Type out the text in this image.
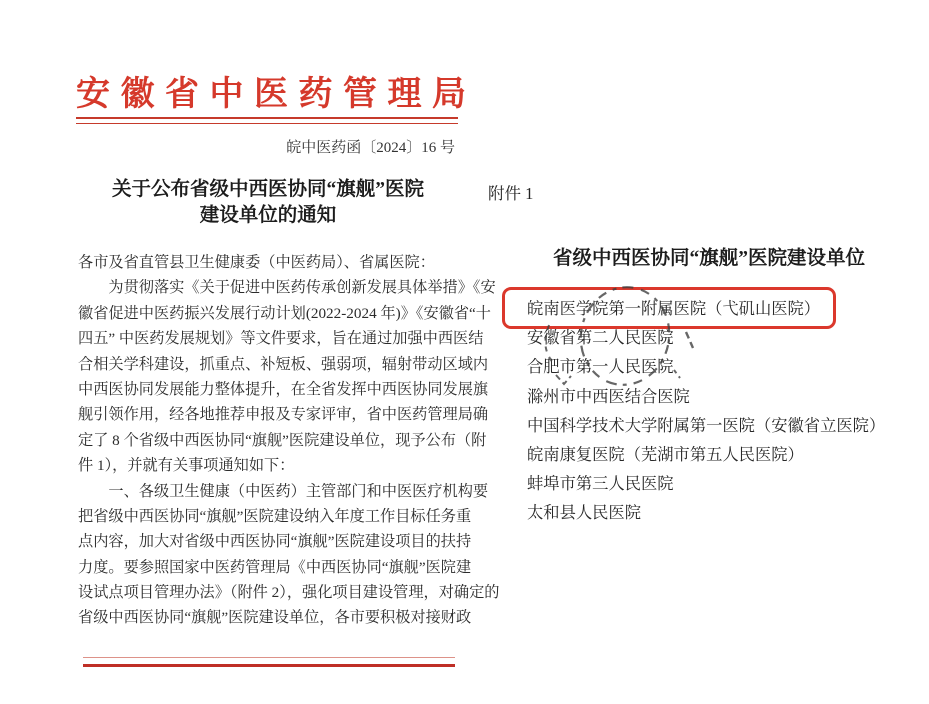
安 徽 省 中 医 药 管 理 局
皖中医药函〔2024〕16 号
关于公布省级中西医协同“旗舰”医院
建设单位的通知
各市及省直管县卫生健康委（中医药局）、省属医院：
　　为贯彻落实《关于促进中医药传承创新发展具体举措》《安
徽省促进中医药振兴发展行动计划(2022-2024 年)》《安徽省“十
四五” 中医药发展规划》等文件要求，旨在通过加强中西医结
合相关学科建设，抓重点、补短板、强弱项，辐射带动区域内
中西医协同发展能力整体提升，在全省发挥中西医协同发展旗
舰引领作用，经各地推荐申报及专家评审，省中医药管理局确
定了 8 个省级中西医协同“旗舰”医院建设单位，现予公布（附
件 1），并就有关事项通知如下：
　　一、各级卫生健康（中医药）主管部门和中医医疗机构要
把省级中西医协同“旗舰”医院建设纳入年度工作目标任务重
点内容，加大对省级中西医协同“旗舰”医院建设项目的扶持
力度。要参照国家中医药管理局《中西医协同“旗舰”医院建
设试点项目管理办法》（附件 2），强化项目建设管理，对确定的
省级中西医协同“旗舰”医院建设单位，各市要积极对接财政
附件 1
省级中西医协同“旗舰”医院建设单位
皖南医学院第一附属医院（弋矶山医院）
安徽省第二人民医院
合肥市第一人民医院
滁州市中西医结合医院
中国科学技术大学附属第一医院（安徽省立医院）
皖南康复医院（芜湖市第五人民医院）
蚌埠市第三人民医院
太和县人民医院
